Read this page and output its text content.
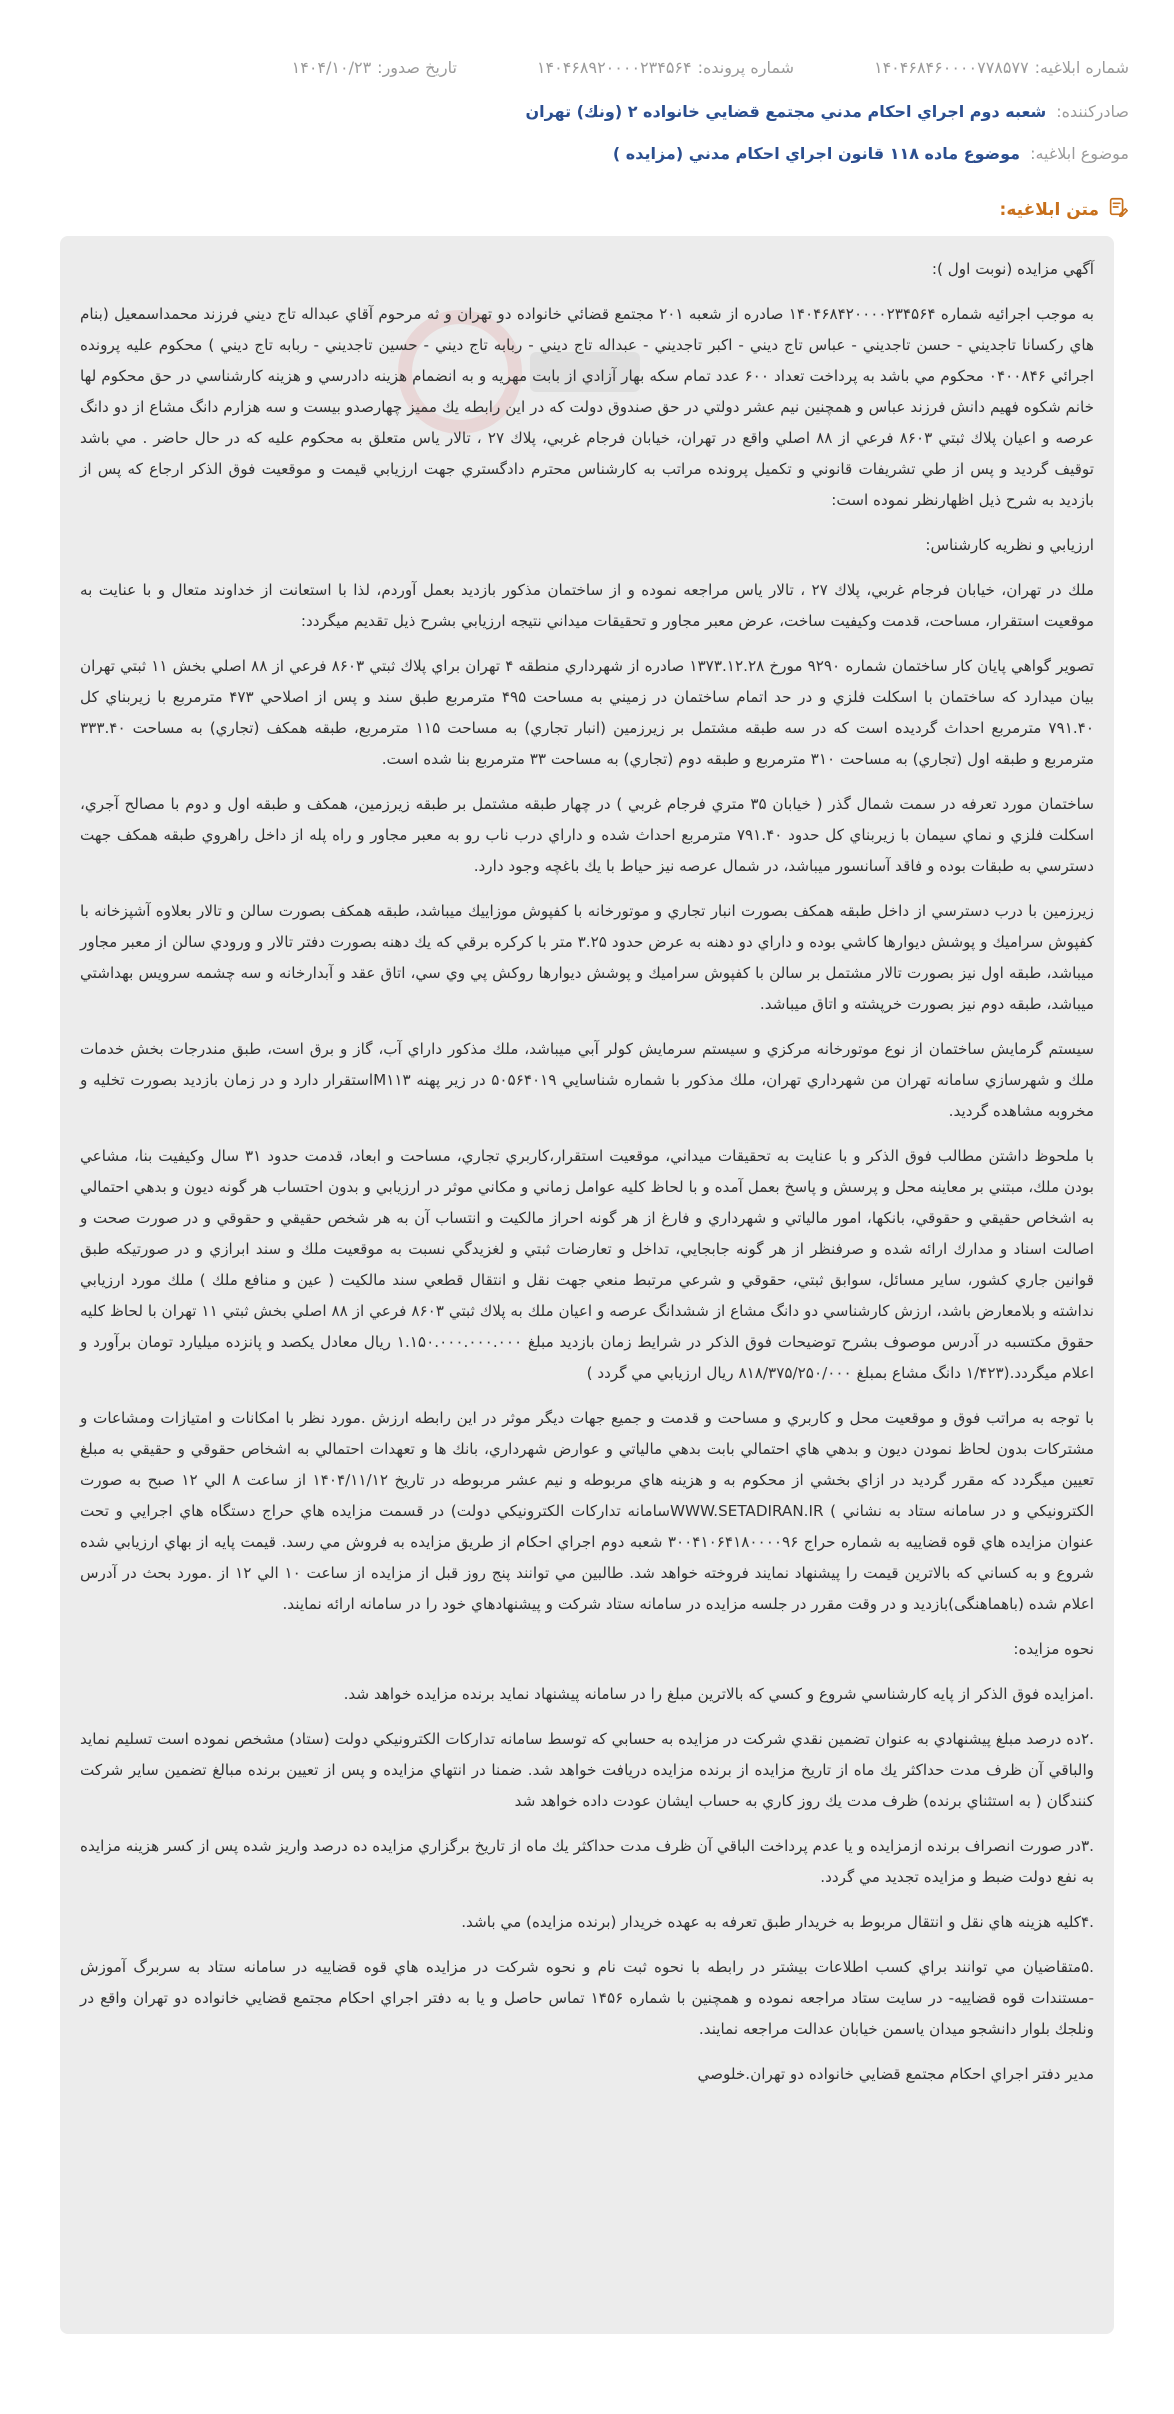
شماره ابلاغیه:
۱۴۰۴۶۸۴۶۰۰۰۰۷۷۸۵۷۷
شماره پرونده:
۱۴۰۴۶۸۹۲۰۰۰۰۲۳۴۵۶۴
تاریخ صدور:
۱۴۰۴/۱۰/۲۳
صادرکننده:
شعبه دوم اجراي احكام مدني مجتمع قضايي خانواده ۲ (ونك) تهران
موضوع ابلاغیه:
موضوع ماده ۱۱۸ قانون اجراي احكام مدني (مزايده )
متن ابلاغیه:

آگهي مزايده (نوبت اول ):

به موجب اجرائيه شماره ۱۴۰۴۶۸۴۲۰۰۰۰۲۳۴۵۶۴ صادره از شعبه ۲۰۱ مجتمع قضائي خانواده دو تهران و ثه مرحوم آقاي عبداله تاج ديني فرزند محمداسمعيل (بنام هاي ركسانا تاجديني - حسن تاجديني - عباس تاج ديني - اكبر تاجديني - عبداله تاج ديني - ربابه تاج ديني - حسين تاجديني - ربابه تاج ديني ) محكوم عليه پرونده اجرائي ۰۴۰۰۸۴۶ محكوم مي باشد به پرداخت تعداد ۶۰۰ عدد تمام سكه بهار آزادي از بابت مهريه و به انضمام هزينه دادرسي و هزينه كارشناسي در حق محكوم لها خانم شكوه فهيم دانش فرزند عباس و همچنين نيم عشر دولتي در حق صندوق دولت كه در اين رابطه يك مميز چهارصدو بيست و سه هزارم دانگ مشاع از دو دانگ عرصه و اعيان پلاك ثبتي ۸۶۰۳ فرعي از ۸۸ اصلي واقع در تهران، خيابان فرجام غربي، پلاك ۲۷ ، تالار ياس متعلق به محكوم عليه كه در حال حاضر . مي باشد توقيف گرديد و پس از طي تشريفات قانوني و تكميل پرونده مراتب به كارشناس محترم دادگستري جهت ارزيابي قيمت و موقعيت فوق الذكر ارجاع كه پس از بازديد به شرح ذيل اظهارنظر نموده است:

ارزيابي و نظريه كارشناس:

ملك در تهران، خيابان فرجام غربي، پلاك ۲۷ ، تالار ياس مراجعه نموده و از ساختمان مذكور بازديد بعمل آوردم، لذا با استعانت از خداوند متعال و با عنايت به موقعيت استقرار، مساحت، قدمت وكيفيت ساخت، عرض معبر مجاور و تحقيقات ميداني نتيجه ارزيابي بشرح ذيل تقديم ميگردد:

تصوير گواهي پايان كار ساختمان شماره ۹۲۹۰ مورخ ۱۳۷۳.۱۲.۲۸ صادره از شهرداري منطقه ۴ تهران براي پلاك ثبتي ۸۶۰۳ فرعي از ۸۸ اصلي بخش ۱۱ ثبتي تهران بيان ميدارد كه ساختمان با اسكلت فلزي و در حد اتمام ساختمان در زميني به مساحت ۴۹۵ مترمربع طبق سند و پس از اصلاحي ۴۷۳ مترمربع با زيربناي كل ۷۹۱.۴۰ مترمربع احداث گرديده است كه در سه طبقه مشتمل بر زيرزمين (انبار تجاري) به مساحت ۱۱۵ مترمربع، طبقه همكف (تجاري) به مساحت ۳۳۳.۴۰ مترمربع و طبقه اول (تجاري) به مساحت ۳۱۰ مترمربع و طبقه دوم (تجاري) به مساحت ۳۳ مترمربع بنا شده است.

ساختمان مورد تعرفه در سمت شمال گذر ( خيابان ۳۵ متري فرجام غربي ) در چهار طبقه مشتمل بر طبقه زيرزمين، همكف و طبقه اول و دوم با مصالح آجري، اسكلت فلزي و نماي سيمان با زيربناي كل حدود ۷۹۱.۴۰ مترمربع احداث شده و داراي درب ناب رو به معبر مجاور و راه پله از داخل راهروي طبقه همكف جهت دسترسي به طبقات بوده و فاقد آسانسور ميباشد، در شمال عرصه نيز حياط با يك باغچه وجود دارد.

زيرزمين با درب دسترسي از داخل طبقه همكف بصورت انبار تجاري و موتورخانه با كفپوش موزاييك ميباشد، طبقه همكف بصورت سالن و تالار بعلاوه آشپزخانه با كفپوش سراميك و پوشش ديوارها كاشي بوده و داراي دو دهنه به عرض حدود ۳.۲۵ متر با كركره برقي كه يك دهنه بصورت دفتر تالار و ورودي سالن از معبر مجاور ميباشد، طبقه اول نيز بصورت تالار مشتمل بر سالن با كفپوش سراميك و پوشش ديوارها روكش پي وي سي، اتاق عقد و آبدارخانه و سه چشمه سرويس بهداشتي ميباشد، طبقه دوم نيز بصورت خرپشته و اتاق ميباشد.

سيستم گرمايش ساختمان از نوع موتورخانه مركزي و سيستم سرمايش كولر آبي ميباشد، ملك مذكور داراي آب، گاز و برق است، طبق مندرجات بخش خدمات ملك و شهرسازي سامانه تهران من شهرداري تهران، ملك مذكور با شماره شناسايي ۵۰۵۶۴۰۱۹ در زير پهنه M۱۱۳استقرار دارد و در زمان بازديد بصورت تخليه و مخروبه مشاهده گرديد.

با ملحوظ داشتن مطالب فوق الذكر و با عنايت به تحقيقات ميداني، موقعيت استقرار،كاربري تجاري، مساحت و ابعاد، قدمت حدود ۳۱ سال وكيفيت بنا، مشاعي بودن ملك، مبتني بر معاينه محل و پرسش و پاسخ بعمل آمده و با لحاظ كليه عوامل زماني و مكاني موثر در ارزيابي و بدون احتساب هر گونه ديون و بدهي احتمالي به اشخاص حقيقي و حقوقي، بانكها، امور مالياتي و شهرداري و فارغ از هر گونه احراز مالكيت و انتساب آن به هر شخص حقيقي و حقوقي و در صورت صحت و اصالت اسناد و مدارك ارائه شده و صرفنظر از هر گونه جابجايي، تداخل و تعارضات ثبتي و لغزيدگي نسبت به موقعيت ملك و سند ابرازي و در صورتيكه طبق قوانين جاري كشور، ساير مسائل، سوابق ثبتي، حقوقي و شرعي مرتبط منعي جهت نقل و انتقال قطعي سند مالكيت ( عين و منافع ملك ) ملك مورد ارزيابي نداشته و بلامعارض باشد، ارزش كارشناسي دو دانگ مشاع از ششدانگ عرصه و اعيان ملك به پلاك ثبتي ۸۶۰۳ فرعي از ۸۸ اصلي بخش ثبتي ۱۱ تهران با لحاظ كليه حقوق مكتسبه در آدرس موصوف بشرح توضيحات فوق الذكر در شرايط زمان بازديد مبلغ ۱.۱۵۰.۰۰۰.۰۰۰.۰۰۰ ريال معادل يكصد و پانزده ميليارد تومان برآورد و اعلام ميگردد.(۱/۴۲۳ دانگ مشاع بمبلغ ۸۱۸/۳۷۵/۲۵۰/۰۰۰ ريال ارزيابي مي گردد )

با توجه به مراتب فوق و موقعيت محل و كاربري و مساحت و قدمت و جميع جهات ديگر موثر در اين رابطه ارزش .مورد نظر با امكانات و امتيازات ومشاعات و مشتركات بدون لحاظ نمودن ديون و بدهي هاي احتمالي بابت بدهي مالياتي و عوارض شهرداري، بانك ها و تعهدات احتمالي به اشخاص حقوقي و حقيقي به مبلغ تعيين ميگردد كه مقرر گرديد در ازاي بخشي از محكوم به و هزينه هاي مربوطه و نيم عشر مربوطه در تاريخ ۱۴۰۴/۱۱/۱۲ از ساعت ۸ الي ۱۲ صبح به صورت الكترونيكي و در سامانه ستاد به نشاني ) WWW.SETADIRAN.IRسامانه تداركات الكترونيكي دولت) در قسمت مزايده هاي حراج دستگاه هاي اجرايي و تحت عنوان مزايده هاي قوه قضاييه به شماره حراج ۳۰۰۴۱۰۶۴۱۸۰۰۰۰۹۶ شعبه دوم اجراي احكام از طريق مزايده به فروش مي رسد. قيمت پايه از بهاي ارزيابي شده شروع و به كساني كه بالاترين قيمت را پيشنهاد نمايند فروخته خواهد شد. طالبين مي توانند پنج روز قبل از مزايده از ساعت ۱۰ الي ۱۲ از .مورد بحث در آدرس اعلام شده (باهماهنگی)بازدید و در وقت مقرر در جلسه مزايده در سامانه ستاد شركت و پيشنهادهاي خود را در سامانه ارائه نمايند.

نحوه مزايده:

.امزايده فوق الذكر از پايه كارشناسي شروع و كسي كه بالاترين مبلغ را در سامانه پيشنهاد نمايد برنده مزايده خواهد شد.

.۲ده درصد مبلغ پيشنهادي به عنوان تضمين نقدي شركت در مزايده به حسابي كه توسط سامانه تداركات الكترونيكي دولت (ستاد) مشخص نموده است تسليم نمايد والباقي آن ظرف مدت حداكثر يك ماه از تاريخ مزايده از برنده مزايده دريافت خواهد شد. ضمنا در انتهاي مزايده و پس از تعيين برنده مبالغ تضمين ساير شركت كنندگان ( به استثناي برنده) ظرف مدت يك روز كاري به حساب ايشان عودت داده خواهد شد

.۳در صورت انصراف برنده ازمزايده و يا عدم پرداخت الباقي آن ظرف مدت حداكثر يك ماه از تاريخ برگزاري مزايده ده درصد واريز شده پس از كسر هزينه مزايده به نفع دولت ضبط و مزايده تجديد مي گردد.

.۴كليه هزينه هاي نقل و انتقال مربوط به خريدار طبق تعرفه به عهده خريدار (برنده مزايده) مي باشد.

.۵متقاضيان مي توانند براي كسب اطلاعات بيشتر در رابطه با نحوه ثبت نام و نحوه شركت در مزايده هاي قوه قضاييه در سامانه ستاد به سربرگ آموزش -مستندات قوه قضاييه- در سايت ستاد مراجعه نموده و همچنين با شماره ۱۴۵۶ تماس حاصل و يا به دفتر اجراي احكام مجتمع قضايي خانواده دو تهران واقع در ونلجك بلوار دانشجو ميدان ياسمن خيابان عدالت مراجعه نمايند.

مدير دفتر اجراي احكام مجتمع قضايي خانواده دو تهران.خلوصي
